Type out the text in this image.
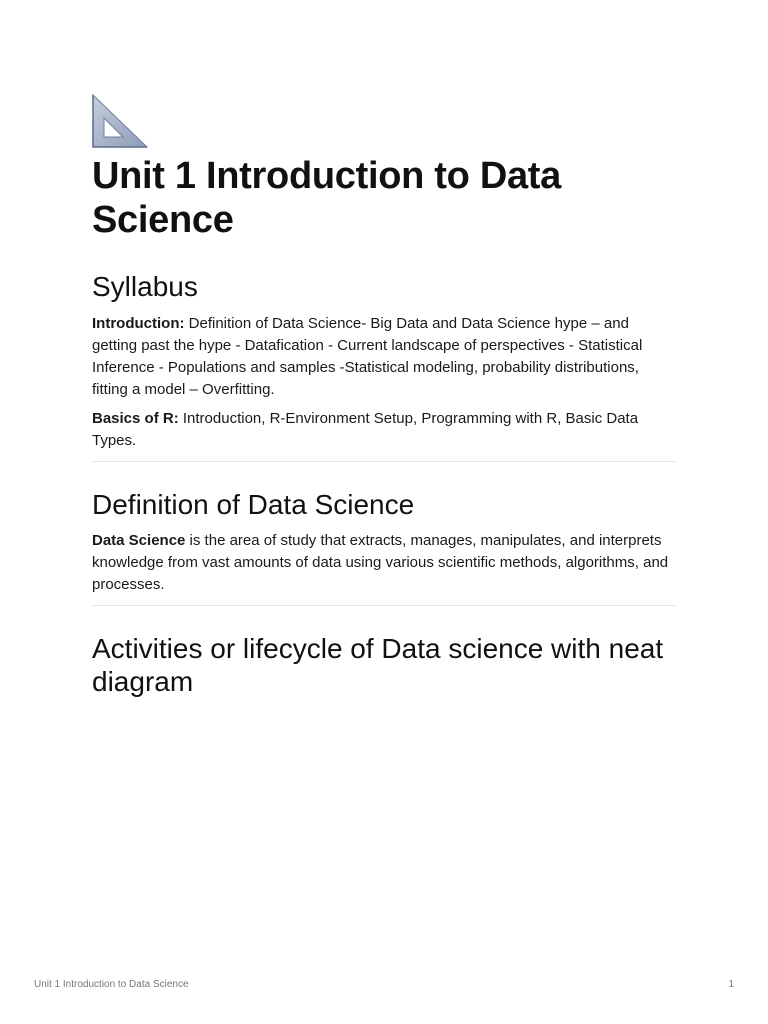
Unit 1 Introduction to Data Science
Syllabus

Introduction: Definition of Data Science- Big Data and Data Science hype – and getting past the hype - Datafication - Current landscape of perspectives - Statistical Inference - Populations and samples -Statistical modeling, probability distributions, fitting a model – Overfitting.

Basics of R: Introduction, R-Environment Setup, Programming with R, Basic Data Types.

Definition of Data Science

Data Science is the area of study that extracts, manages, manipulates, and interprets knowledge from vast amounts of data using various scientific methods, algorithms, and processes.

Activities or lifecycle of Data science with neat diagram
Unit 1 Introduction to Data Science	1
